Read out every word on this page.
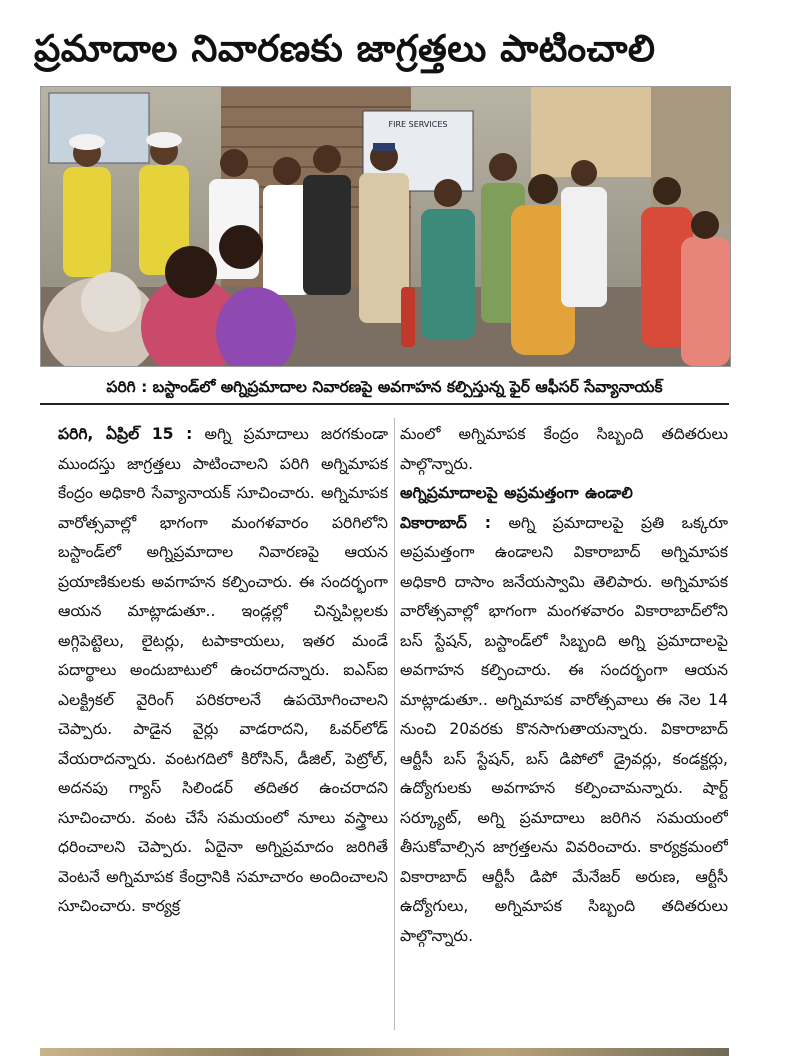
ప్రమాదాల నివారణకు జాగ్రత్తలు పాటించాలి
FIRE SERVICES
పరిగి : బస్టాండ్‌లో అగ్నిప్రమాదాల నివారణపై అవగాహన కల్పిస్తున్న ఫైర్ ఆఫీసర్ సేవ్యానాయక్

పరిగి, ఏప్రిల్ 15 : అగ్ని ప్రమాదాలు జరగకుండా ముందస్తు జాగ్రత్తలు పాటించాలని పరిగి అగ్నిమాపక కేంద్రం అధికారి సేవ్యానాయక్ సూచించారు. అగ్నిమాపక వారోత్సవాల్లో భాగంగా మంగళవారం పరిగిలోని బస్టాండ్‌లో అగ్నిప్రమాదాల నివారణపై ఆయన ప్రయాణికులకు అవగాహన కల్పించారు. ఈ సందర్భంగా ఆయన మాట్లాడుతూ.. ఇండ్లల్లో చిన్నపిల్లలకు అగ్గిపెట్టెలు, లైటర్లు, టపాకాయలు, ఇతర మండే పదార్థాలు అందుబాటులో ఉంచరాదన్నారు. ఐఎస్ఐ ఎలక్ట్రికల్ వైరింగ్ పరికరాలనే ఉపయోగించాలని చెప్పారు. పాడైన వైర్లు వాడరాదని, ఓవర్‌లోడ్ వేయరాదన్నారు. వంటగదిలో కిరోసిన్, డీజిల్, పెట్రోల్, అదనపు గ్యాస్ సిలిండర్ తదితర ఉంచరాదని సూచించారు. వంట చేసే సమయంలో నూలు వస్త్రాలు ధరించాలని చెప్పారు. ఏదైనా అగ్నిప్రమాదం జరిగితే వెంటనే అగ్నిమాపక కేంద్రానికి సమాచారం అందించాలని సూచించారు. కార్యక్ర

మంలో అగ్నిమాపక కేంద్రం సిబ్బంది తదితరులు పాల్గొన్నారు.

అగ్నిప్రమాదాలపై అప్రమత్తంగా ఉండాలి

వికారాబాద్ : అగ్ని ప్రమాదాలపై ప్రతి ఒక్కరూ అప్రమత్తంగా ఉండాలని వికారాబాద్ అగ్నిమాపక అధికారి దాసాం జనేయస్వామి తెలిపారు. అగ్నిమాపక వారోత్సవాల్లో భాగంగా మంగళవారం వికారాబాద్‌లోని బస్ స్టేషన్, బస్టాండ్‌లో సిబ్బంది అగ్ని ప్రమాదాలపై అవగాహన కల్పించారు. ఈ సందర్భంగా ఆయన మాట్లాడుతూ.. అగ్నిమాపక వారోత్సవాలు ఈ నెల 14 నుంచి 20వరకు కొనసాగుతాయన్నారు. వికారాబాద్ ఆర్టీసీ బస్ స్టేషన్, బస్ డిపోలో డ్రైవర్లు, కండక్టర్లు, ఉద్యోగులకు అవగాహన కల్పించామన్నారు. షార్ట్ సర్క్యూట్, అగ్ని ప్రమాదాలు జరిగిన సమయంలో తీసుకోవాల్సిన జాగ్రత్తలను వివరించారు. కార్యక్రమంలో వికారాబాద్ ఆర్టీసీ డిపో మేనేజర్ అరుణ, ఆర్టీసీ ఉద్యోగులు, అగ్నిమాపక సిబ్బంది తదితరులు పాల్గొన్నారు.
